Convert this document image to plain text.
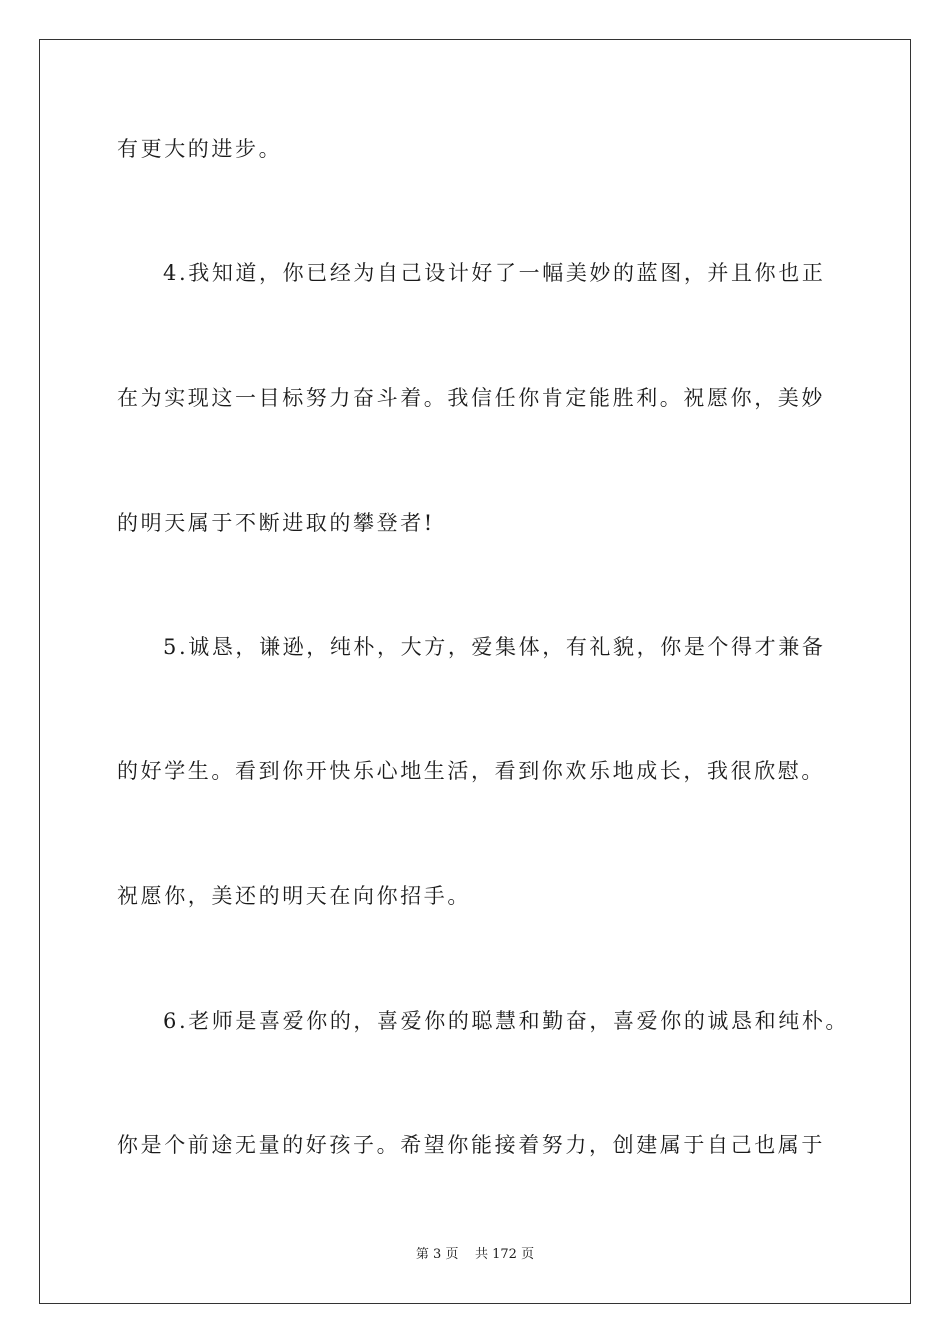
有更大的进步。
4.我知道，你已经为自己设计好了一幅美妙的蓝图，并且你也正
在为实现这一目标努力奋斗着。我信任你肯定能胜利。祝愿你，美妙
的明天属于不断进取的攀登者!
5.诚恳，谦逊，纯朴，大方，爱集体，有礼貌，你是个得才兼备
的好学生。看到你开快乐心地生活，看到你欢乐地成长，我很欣慰。
祝愿你，美还的明天在向你招手。
6.老师是喜爱你的，喜爱你的聪慧和勤奋，喜爱你的诚恳和纯朴。
你是个前途无量的好孩子。希望你能接着努力，创建属于自己也属于
第 3 页    共 172 页
